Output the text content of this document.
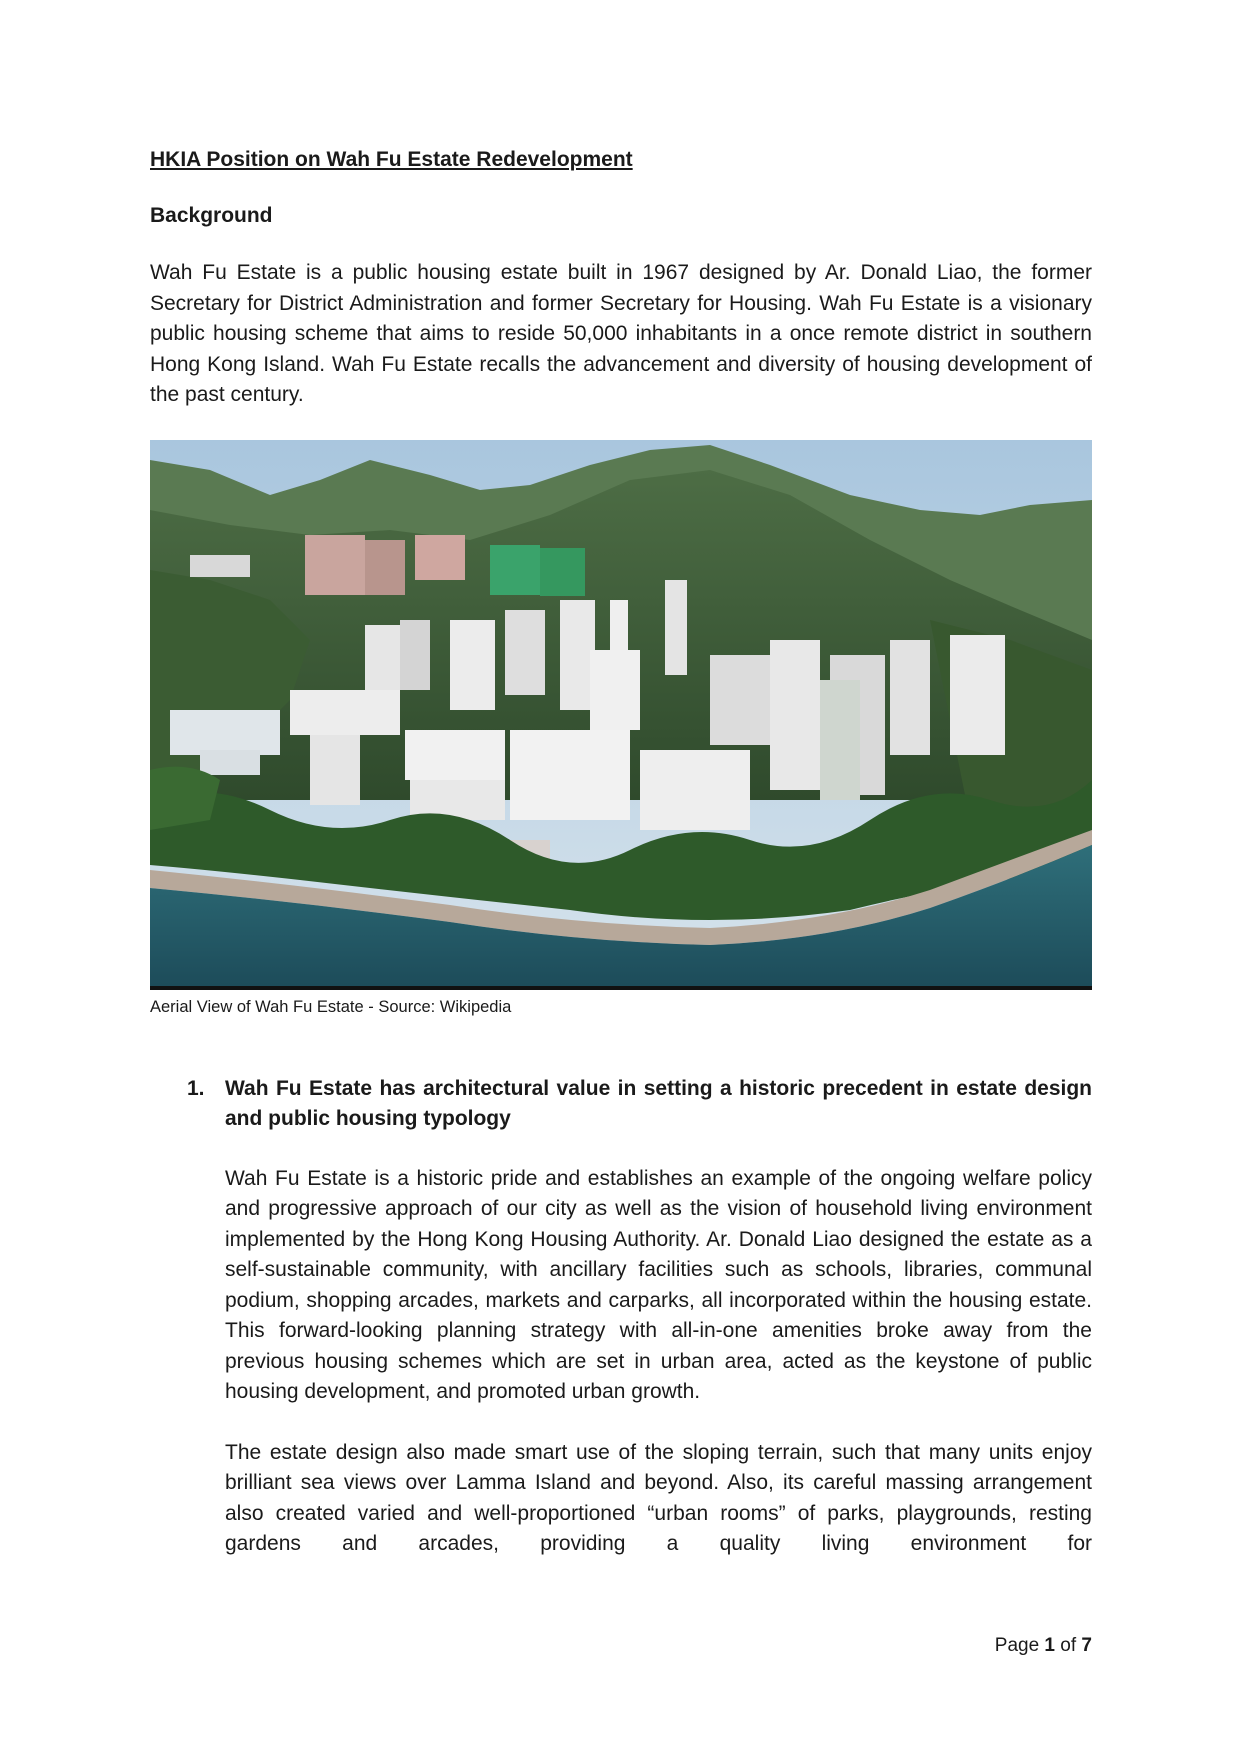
HKIA Position on Wah Fu Estate Redevelopment

Background

Wah Fu Estate is a public housing estate built in 1967 designed by Ar. Donald Liao, the former Secretary for District Administration and former Secretary for Housing. Wah Fu Estate is a visionary public housing scheme that aims to reside 50,000 inhabitants in a once remote district in southern Hong Kong Island. Wah Fu Estate recalls the advancement and diversity of housing development of the past century.

Aerial View of Wah Fu Estate - Source: Wikipedia
1. Wah Fu Estate has architectural value in setting a historic precedent in estate design and public housing typology

Wah Fu Estate is a historic pride and establishes an example of the ongoing welfare policy and progressive approach of our city as well as the vision of household living environment implemented by the Hong Kong Housing Authority. Ar. Donald Liao designed the estate as a self-sustainable community, with ancillary facilities such as schools, libraries, communal podium, shopping arcades, markets and carparks, all incorporated within the housing estate. This forward-looking planning strategy with all-in-one amenities broke away from the previous housing schemes which are set in urban area, acted as the keystone of public housing development, and promoted urban growth.

The estate design also made smart use of the sloping terrain, such that many units enjoy brilliant sea views over Lamma Island and beyond. Also, its careful massing arrangement also created varied and well-proportioned “urban rooms” of parks, playgrounds, resting gardens and arcades, providing a quality living environment for

Page 1 of 7
